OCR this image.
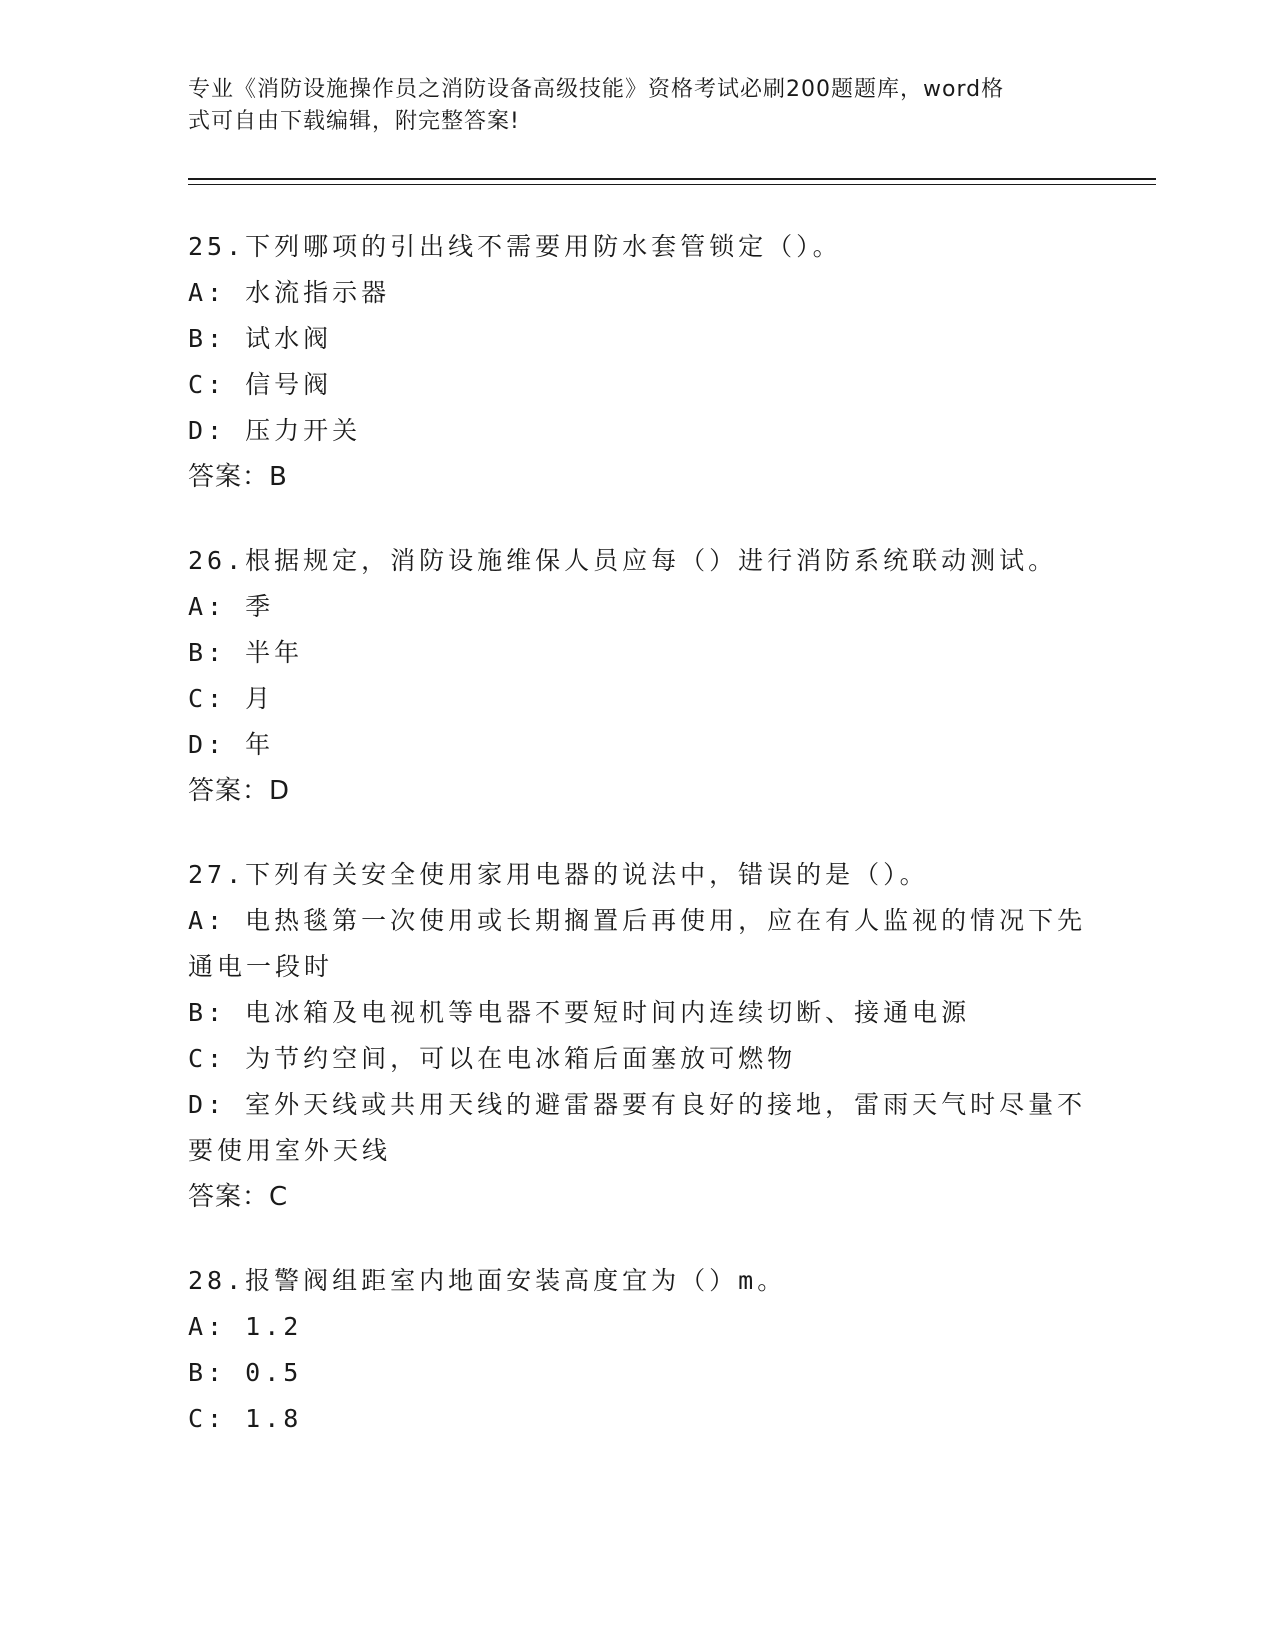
专业《消防设施操作员之消防设备高级技能》资格考试必刷200题题库，word格
式可自由下载编辑，附完整答案!
25.下列哪项的引出线不需要用防水套管锁定（）。
A: 水流指示器
B: 试水阀
C: 信号阀
D: 压力开关
答案：B
26.根据规定，消防设施维保人员应每（）进行消防系统联动测试。
A: 季
B: 半年
C: 月
D: 年
答案：D
27.下列有关安全使用家用电器的说法中，错误的是（）。
A: 电热毯第一次使用或长期搁置后再使用，应在有人监视的情况下先
通电一段时
B: 电冰箱及电视机等电器不要短时间内连续切断、接通电源
C: 为节约空间，可以在电冰箱后面塞放可燃物
D: 室外天线或共用天线的避雷器要有良好的接地，雷雨天气时尽量不
要使用室外天线
答案：C
28.报警阀组距室内地面安装高度宜为（）m。
A: 1.2
B: 0.5
C: 1.8
